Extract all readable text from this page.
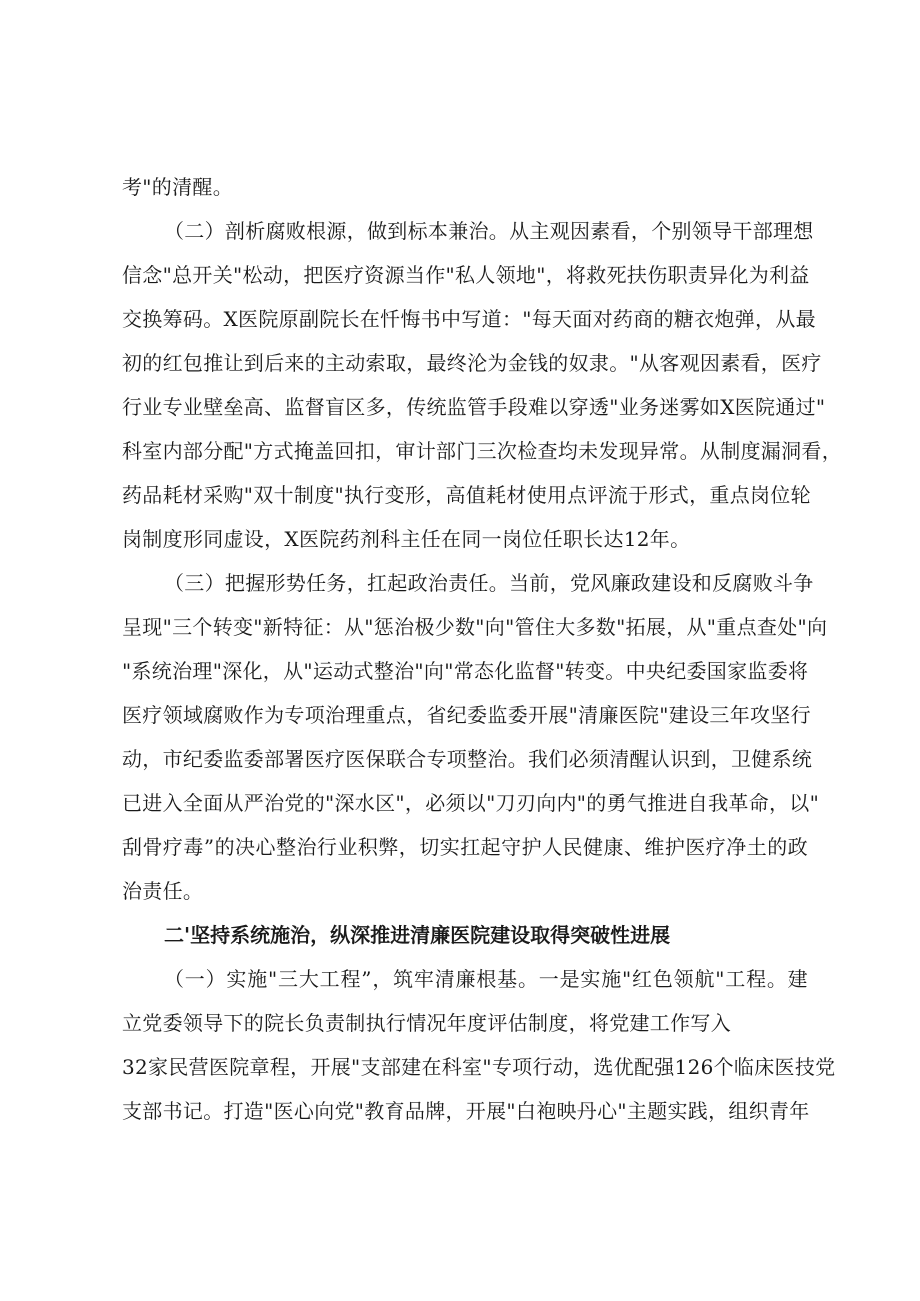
考"的清醒。

（二）剖析腐败根源，做到标本兼治。从主观因素看，个别领导干部理想

信念"总开关"松动，把医疗资源当作"私人领地"，将救死扶伤职责异化为利益

交换筹码。X医院原副院长在忏悔书中写道："每天面对药商的糖衣炮弹，从最

初的红包推让到后来的主动索取，最终沦为金钱的奴隶。"从客观因素看，医疗

行业专业壁垒高、监督盲区多，传统监管手段难以穿透"业务迷雾如X医院通过"

科室内部分配"方式掩盖回扣，审计部门三次检查均未发现异常。从制度漏洞看，

药品耗材采购"双十制度"执行变形，高值耗材使用点评流于形式，重点岗位轮

岗制度形同虚设，X医院药剂科主任在同一岗位任职长达12年。

（三）把握形势任务，扛起政治责任。当前，党风廉政建设和反腐败斗争

呈现"三个转变"新特征：从"惩治极少数"向"管住大多数"拓展，从"重点查处"向

"系统治理"深化，从"运动式整治"向"常态化监督"转变。中央纪委国家监委将

医疗领域腐败作为专项治理重点，省纪委监委开展"清廉医院"建设三年攻坚行

动，市纪委监委部署医疗医保联合专项整治。我们必须清醒认识到，卫健系统

已进入全面从严治党的"深水区"，必须以"刀刃向内"的勇气推进自我革命，以"

刮骨疗毒”的决心整治行业积弊，切实扛起守护人民健康、维护医疗净土的政

治责任。

二'坚持系统施治，纵深推进清廉医院建设取得突破性进展

（一）实施"三大工程”，筑牢清廉根基。一是实施"红色领航"工程。建

立党委领导下的院长负责制执行情况年度评估制度，将党建工作写入

32家民营医院章程，开展"支部建在科室"专项行动，选优配强126个临床医技党

支部书记。打造"医心向党"教育品牌，开展"白袍映丹心"主题实践，组织青年
